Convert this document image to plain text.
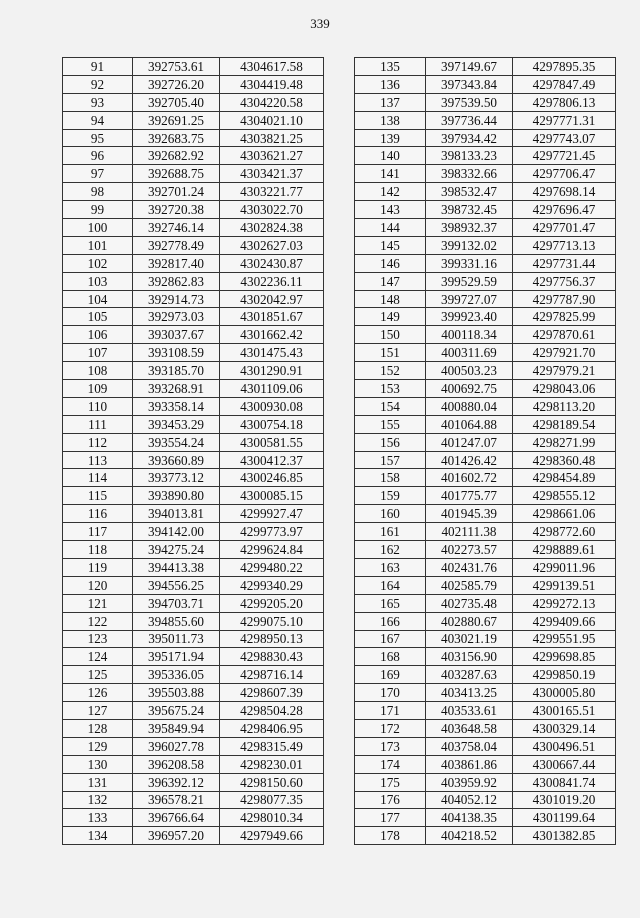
339
91	392753.61	4304617.58
92	392726.20	4304419.48
93	392705.40	4304220.58
94	392691.25	4304021.10
95	392683.75	4303821.25
96	392682.92	4303621.27
97	392688.75	4303421.37
98	392701.24	4303221.77
99	392720.38	4303022.70
100	392746.14	4302824.38
101	392778.49	4302627.03
102	392817.40	4302430.87
103	392862.83	4302236.11
104	392914.73	4302042.97
105	392973.03	4301851.67
106	393037.67	4301662.42
107	393108.59	4301475.43
108	393185.70	4301290.91
109	393268.91	4301109.06
110	393358.14	4300930.08
111	393453.29	4300754.18
112	393554.24	4300581.55
113	393660.89	4300412.37
114	393773.12	4300246.85
115	393890.80	4300085.15
116	394013.81	4299927.47
117	394142.00	4299773.97
118	394275.24	4299624.84
119	394413.38	4299480.22
120	394556.25	4299340.29
121	394703.71	4299205.20
122	394855.60	4299075.10
123	395011.73	4298950.13
124	395171.94	4298830.43
125	395336.05	4298716.14
126	395503.88	4298607.39
127	395675.24	4298504.28
128	395849.94	4298406.95
129	396027.78	4298315.49
130	396208.58	4298230.01
131	396392.12	4298150.60
132	396578.21	4298077.35
133	396766.64	4298010.34
134	396957.20	4297949.66
135	397149.67	4297895.35
136	397343.84	4297847.49
137	397539.50	4297806.13
138	397736.44	4297771.31
139	397934.42	4297743.07
140	398133.23	4297721.45
141	398332.66	4297706.47
142	398532.47	4297698.14
143	398732.45	4297696.47
144	398932.37	4297701.47
145	399132.02	4297713.13
146	399331.16	4297731.44
147	399529.59	4297756.37
148	399727.07	4297787.90
149	399923.40	4297825.99
150	400118.34	4297870.61
151	400311.69	4297921.70
152	400503.23	4297979.21
153	400692.75	4298043.06
154	400880.04	4298113.20
155	401064.88	4298189.54
156	401247.07	4298271.99
157	401426.42	4298360.48
158	401602.72	4298454.89
159	401775.77	4298555.12
160	401945.39	4298661.06
161	402111.38	4298772.60
162	402273.57	4298889.61
163	402431.76	4299011.96
164	402585.79	4299139.51
165	402735.48	4299272.13
166	402880.67	4299409.66
167	403021.19	4299551.95
168	403156.90	4299698.85
169	403287.63	4299850.19
170	403413.25	4300005.80
171	403533.61	4300165.51
172	403648.58	4300329.14
173	403758.04	4300496.51
174	403861.86	4300667.44
175	403959.92	4300841.74
176	404052.12	4301019.20
177	404138.35	4301199.64
178	404218.52	4301382.85
